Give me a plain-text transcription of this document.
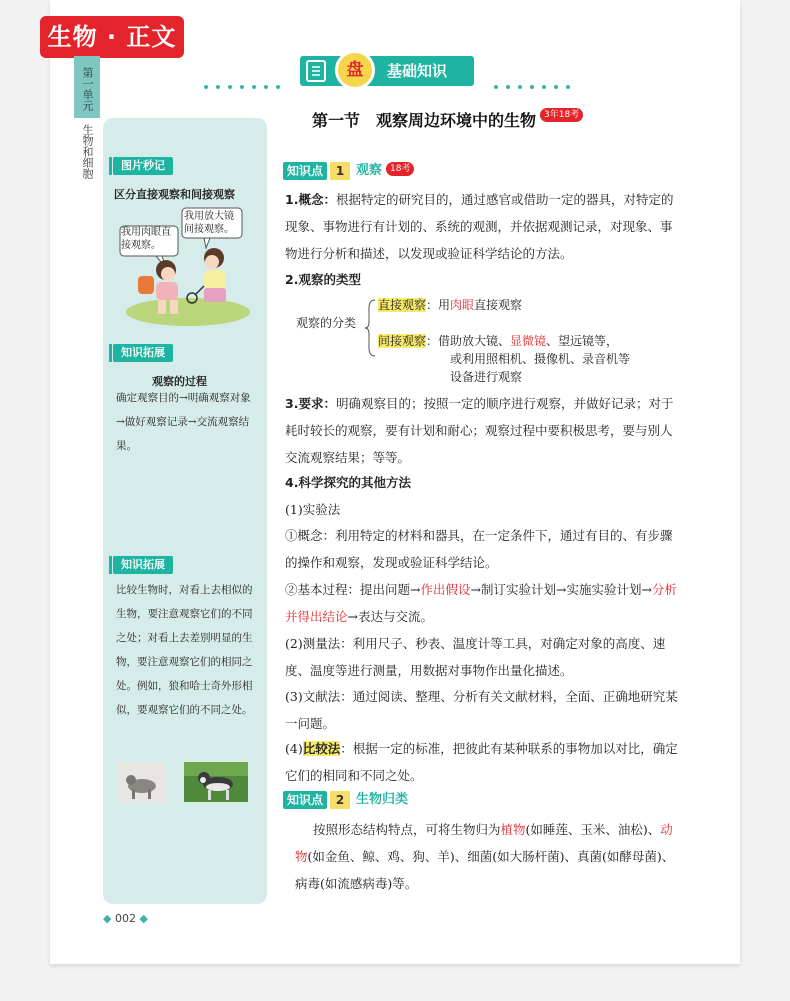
生物 · 正文
第一单元
生物和细胞
盘	基础知识
第一节　观察周边环境中的生物 3年18考
图片秒记
区分直接观察和间接观察
我用肉眼直接观察。
我用放大镜间接观察。
知识拓展
观察的过程
确定观察目的→明确观察对象→做好观察记录→交流观察结果。
知识拓展
比较生物时，对看上去相似的生物，要注意观察它们的不同之处；对看上去差别明显的生物，要注意观察它们的相同之处。例如，狼和哈士奇外形相似，要观察它们的不同之处。
知识点 1 观察 18考
1.概念：根据特定的研究目的，通过感官或借助一定的器具，对特定的现象、事物进行有计划的、系统的观测，并依据观测记录，对现象、事物进行分析和描述，以发现或验证科学结论的方法。
2.观察的类型
观察的分类
直接观察：用肉眼直接观察
间接观察：借助放大镜、显微镜、望远镜等，
或利用照相机、摄像机、录音机等
设备进行观察
3.要求：明确观察目的；按照一定的顺序进行观察，并做好记录；对于耗时较长的观察，要有计划和耐心；观察过程中要积极思考，要与别人交流观察结果；等等。
4.科学探究的其他方法
(1)实验法
①概念：利用特定的材料和器具，在一定条件下，通过有目的、有步骤的操作和观察，发现或验证科学结论。
②基本过程：提出问题→作出假设→制订实验计划→实施实验计划→分析并得出结论→表达与交流。
(2)测量法：利用尺子、秒表、温度计等工具，对确定对象的高度、速度、温度等进行测量，用数据对事物作出量化描述。
(3)文献法：通过阅读、整理、分析有关文献材料，全面、正确地研究某一问题。
(4)比较法：根据一定的标准，把彼此有某种联系的事物加以对比，确定它们的相同和不同之处。
知识点 2 生物归类
按照形态结构特点，可将生物归为植物(如睡莲、玉米、油松)、动物(如金鱼、鲸、鸡、狗、羊)、细菌(如大肠杆菌)、真菌(如酵母菌)、病毒(如流感病毒)等。
◆ 002 ◆
